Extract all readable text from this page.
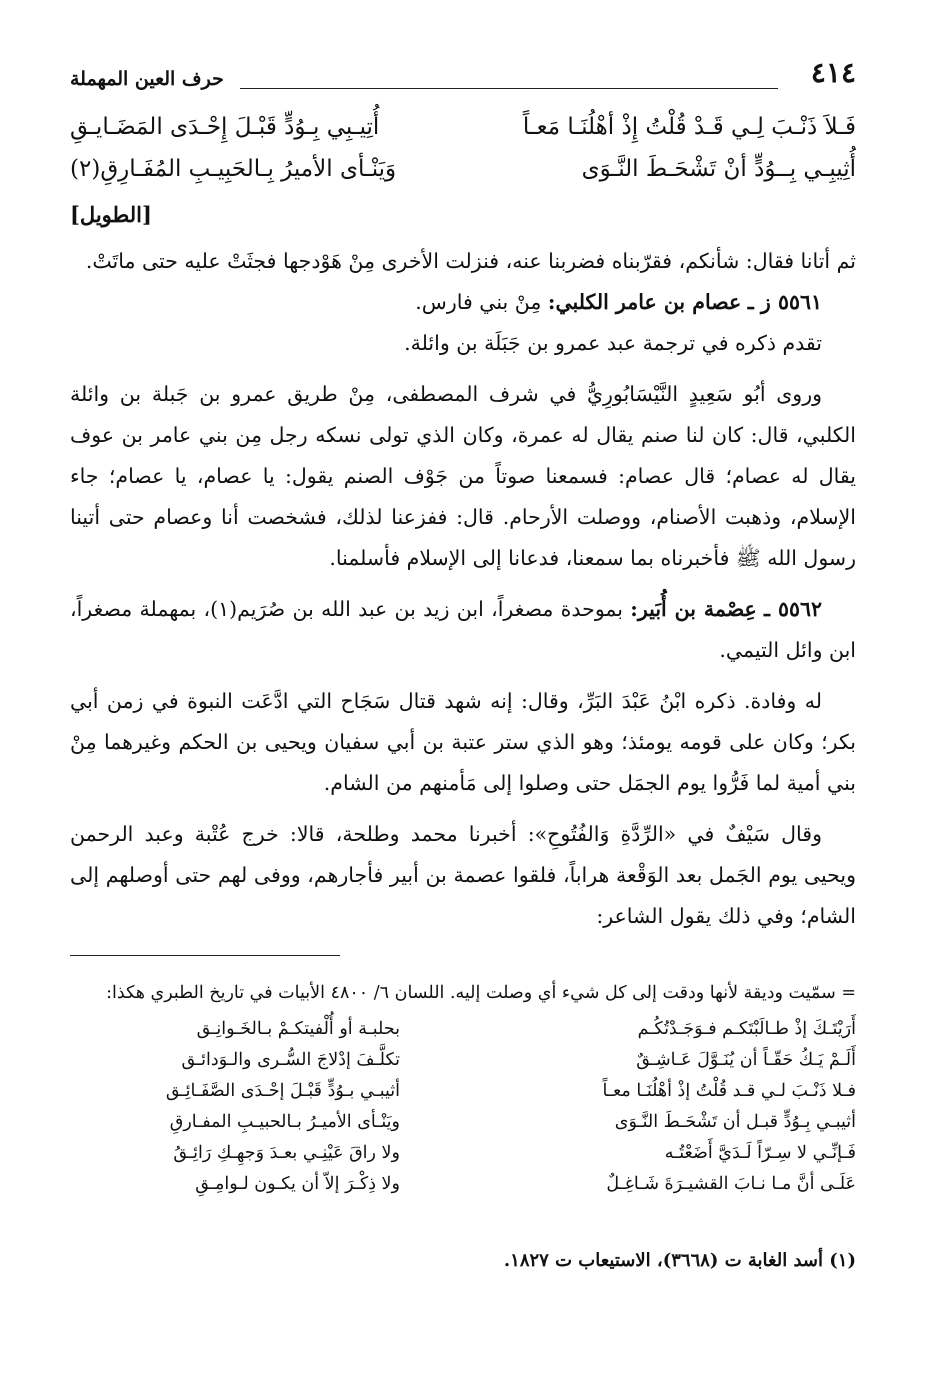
٤١٤
حرف العين المهملة
فَـلاَ ذَنْـبَ لِـي قَـدْ قُلْتُ إِذْ أهْلُنَـا مَعـاً
أُتِيـبِي بِـوُدٍّ قَبْـلَ إِحْـدَى المَضَـايـقِ
أُثِيبِـي بِــوُدٍّ أنْ تَشْحَـطَ النَّـوَى
وَيَنْـأى الأميرُ بِـالحَبِيـبِ المُفَـارِقِ(٢)
[الطويل]

ثم أتانا فقال: شأنكم، فقرّبناه فضربنا عنه، فنزلت الأخرى مِنْ هَوْدجها فجثَتْ عليه حتى ماتَتْ.

٥٥٦١ ز ـ عصام بن عامر الكلبي: مِنْ بني فارس.

تقدم ذكره في ترجمة عبد عمرو بن جَبَلَة بن وائلة.

وروى أبُو سَعِيدٍ النَّيْسَابُورِيُّ في شرف المصطفى، مِنْ طريق عمرو بن جَبلة بن وائلة الكلبي، قال: كان لنا صنم يقال له عمرة، وكان الذي تولى نسكه رجل مِن بني عامر بن عوف يقال له عصام؛ قال عصام: فسمعنا صوتاً من جَوْف الصنم يقول: يا عصام، يا عصام؛ جاء الإسلام، وذهبت الأصنام، ووصلت الأرحام. قال: ففزعنا لذلك، فشخصت أنا وعصام حتى أتينا رسول الله ﷺ فأخبرناه بما سمعنا، فدعانا إلى الإسلام فأسلمنا.

٥٥٦٢ ـ عِصْمة بن أُبَير: بموحدة مصغراً، ابن زيد بن عبد الله بن صُرَيم(١)، بمهملة مصغراً، ابن وائل التيمي.

له وفادة. ذكره ابْنُ عَبْدَ البَرِّ، وقال: إنه شهد قتال سَجَاح التي ادَّعَت النبوة في زمن أبي بكر؛ وكان على قومه يومئذ؛ وهو الذي ستر عتبة بن أبي سفيان ويحيى بن الحكم وغيرهما مِنْ بني أمية لما فَرُّوا يوم الجمَل حتى وصلوا إلى مَأمنهم من الشام.

وقال سَيْفٌ في «الرِّدَّةِ وَالفُتُوحِ»: أخبرنا محمد وطلحة، قالا: خرج عُتْبة وعبد الرحمن ويحيى يوم الجَمل بعد الوَقْعة هراباً، فلقوا عصمة بن أبير فأجارهم، ووفى لهم حتى أوصلهم إلى الشام؛ وفي ذلك يقول الشاعر:

= سمّيت وديقة لأنها ودقت إلى كل شيء أي وصلت إليه. اللسان ٦/ ٤٨٠٠ الأبيات في تاريخ الطبري هكذا:
أَرَيْتَـكَ إذْ طـالَبْتَكـم فـوَجَـدْتُكُـم
أَلَـمْ يَـكُ حَقّـاً أن يُنَـوَّلَ عَـاشِـقٌ
فـلا ذَنْـبَ لـي قـد قُلْتُ إذْ أهْلُنَـا معـاً
أثيبـي بِـوُدٍّ قبـل أن تَشْحَـطَ النَّـوَى
فَـإنِّـي لا سِـرّاً لَـدَيَّ أَضَعْتُـه
عَلَـى أنَّ مـا نـابَ القشيـرَةَ شَـاغِـلٌ
بحلبـة أو أُلْفيتكـمْ بـالخَـوانِـق
تكلَّـفَ إدْلاجَ السُّـرى والـوَدائـق
أثيبـي بـوُدٍّ قَبْـلَ إحْـدَى الصَّفَـائِـق
ويَنْـأى الأميـرُ بـالحبيـبِ المفـارقِ
ولا راقَ عَيْنِـي بعـدَ وَجهِـكِ رَائِـقُ
ولا ذِكْـرَ إلاّ أن يكـون لـوامِـقِ
(١) أسد الغابة ت (٣٦٦٨)، الاستيعاب ت ١٨٢٧.
